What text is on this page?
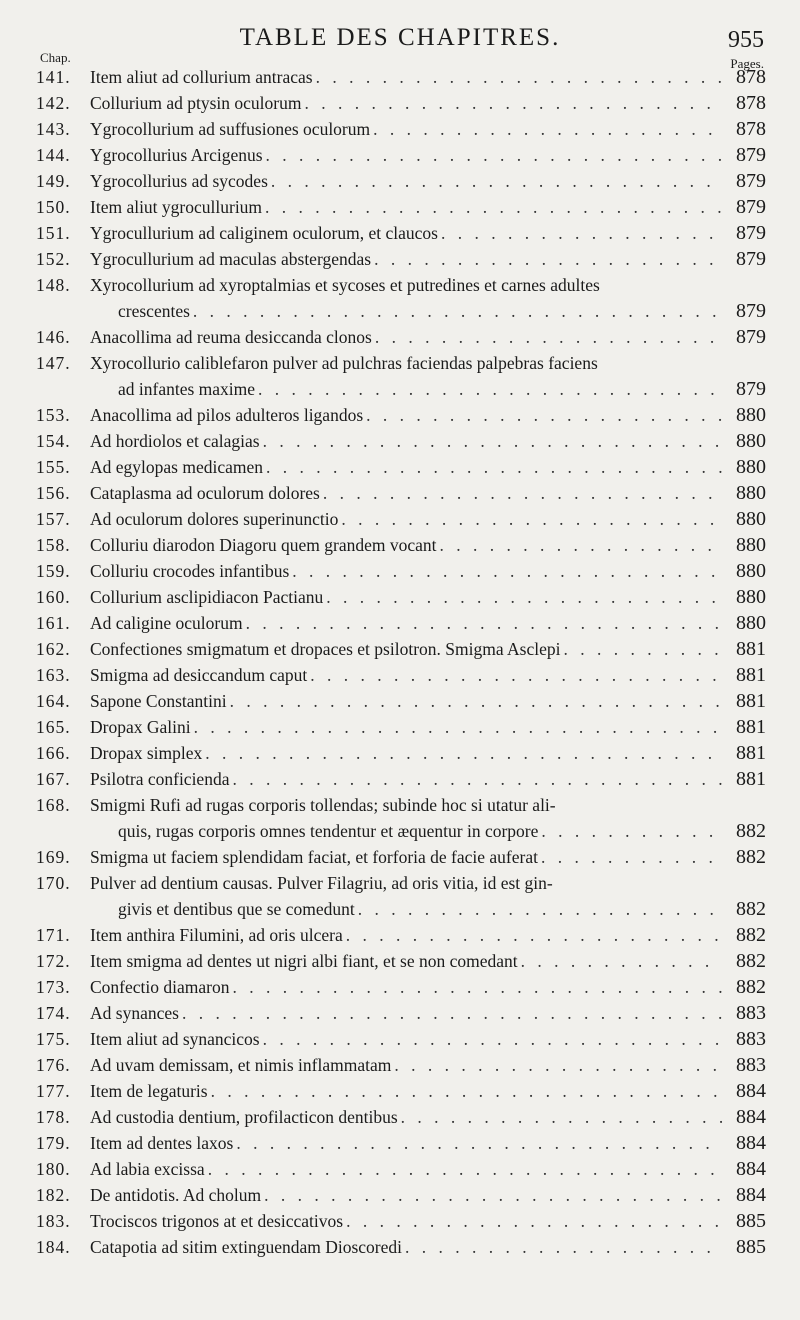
TABLE DES CHAPITRES.	955
Chap.	Pages.
141.	Item aliut ad collurium antracas . . .	878
142.	Collurium ad ptysin oculorum . . .	878
143.	Ygrocollurium ad suffusiones oculorum . . .	878
144.	Ygrocollurius Arcigenus . . .	879
149.	Ygrocollurius ad sycodes . . .	879
150.	Item aliut ygrocullurium . . .	879
151.	Ygrocullurium ad caliginem oculorum, et claucos . . .	879
152.	Ygrocullurium ad maculas abstergendas . . .	879
148.	Xyrocollurium ad xyroptalmias et sycoses et putredines et carnes adultes
crescentes . . .	879
146.	Anacollima ad reuma desiccanda clonos . . .	879
147.	Xyrocollurio caliblefaron pulver ad pulchras faciendas palpebras faciens
ad infantes maxime . . .	879
153.	Anacollima ad pilos adulteros ligandos . . .	880
154.	Ad hordiolos et calagias . . .	880
155.	Ad egylopas medicamen . . .	880
156.	Cataplasma ad oculorum dolores . . .	880
157.	Ad oculorum dolores superinunctio . . .	880
158.	Colluriu diarodon Diagoru quem grandem vocant . . .	880
159.	Colluriu crocodes infantibus . . .	880
160.	Collurium asclipidiacon Pactianu . . .	880
161.	Ad caligine oculorum . . .	880
162.	Confectiones smigmatum et dropaces et psilotron. Smigma Asclepi . . .	881
163.	Smigma ad desiccandum caput . . .	881
164.	Sapone Constantini . . .	881
165.	Dropax Galini . . .	881
166.	Dropax simplex . . .	881
167.	Psilotra conficienda . . .	881
168.	Smigmi Rufi ad rugas corporis tollendas; subinde hoc si utatur ali-
quis, rugas corporis omnes tendentur et æquentur in corpore . . .	882
169.	Smigma ut faciem splendidam faciat, et forforia de facie auferat . . .	882
170.	Pulver ad dentium causas. Pulver Filagriu, ad oris vitia, id est gin-
givis et dentibus que se comedunt . . .	882
171.	Item anthira Filumini, ad oris ulcera . . .	882
172.	Item smigma ad dentes ut nigri albi fiant, et se non comedant . . .	882
173.	Confectio diamaron . . .	882
174.	Ad synances . . .	883
175.	Item aliut ad synancicos . . .	883
176.	Ad uvam demissam, et nimis inflammatam . . .	883
177.	Item de legaturis . . .	884
178.	Ad custodia dentium, profilacticon dentibus . . .	884
179.	Item ad dentes laxos . . .	884
180.	Ad labia excissa . . .	884
182.	De antidotis. Ad cholum . . .	884
183.	Trociscos trigonos at et desiccativos . . .	885
184.	Catapotia ad sitim extinguendam Dioscoredi . . .	885
